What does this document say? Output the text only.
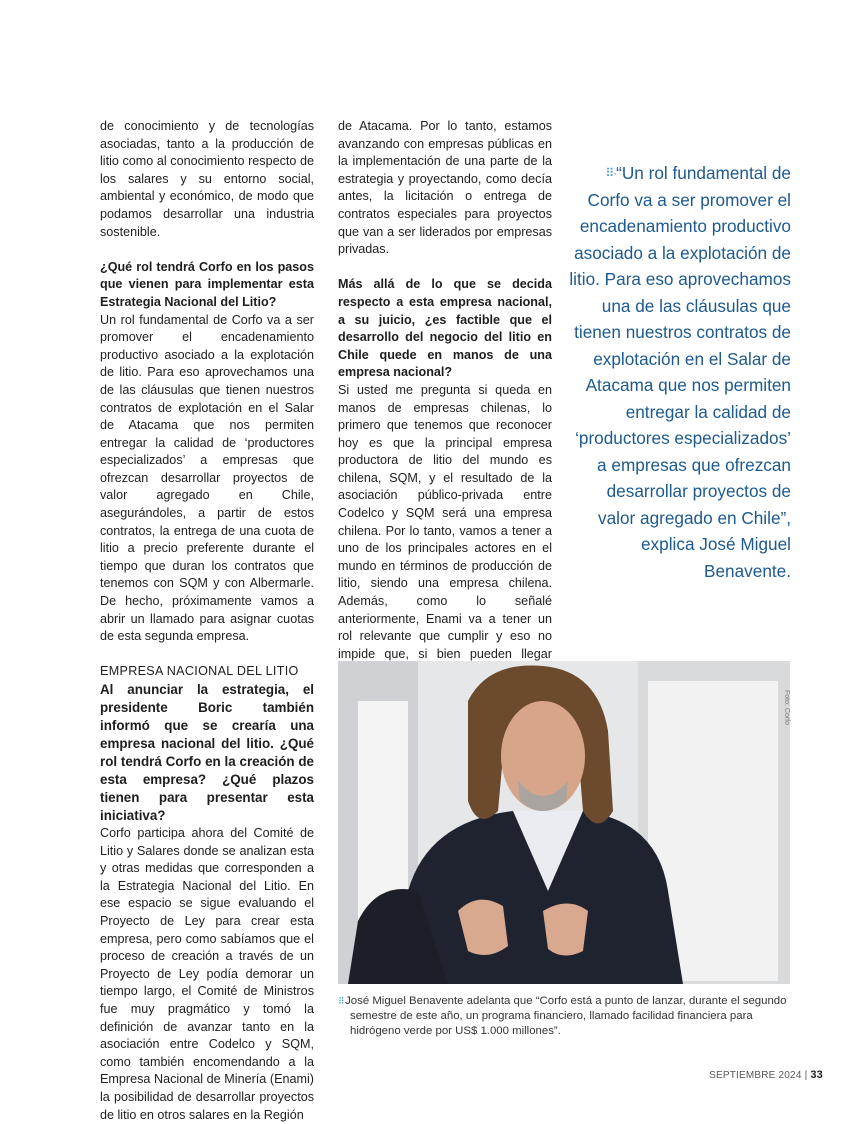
de conocimiento y de tecnologías asociadas, tanto a la producción de litio como al conocimiento respecto de los salares y su entorno social, ambiental y económico, de modo que podamos desarrollar una industria sostenible.

¿Qué rol tendrá Corfo en los pasos que vienen para implementar esta Estrategia Nacional del Litio?

Un rol fundamental de Corfo va a ser promover el encadenamiento productivo asociado a la explotación de litio. Para eso aprovechamos una de las cláusulas que tienen nuestros contratos de explotación en el Salar de Atacama que nos permiten entregar la calidad de ‘productores especializados’ a empresas que ofrezcan desarrollar proyectos de valor agregado en Chile, asegurándoles, a partir de estos contratos, la entrega de una cuota de litio a precio preferente durante el tiempo que duran los contratos que tenemos con SQM y con Albermarle. De hecho, próximamente vamos a abrir un llamado para asignar cuotas de esta segunda empresa.

EMPRESA NACIONAL DEL LITIO

Al anunciar la estrategia, el presidente Boric también informó que se crearía una empresa nacional del litio. ¿Qué rol tendrá Corfo en la creación de esta empresa? ¿Qué plazos tienen para presentar esta iniciativa?

Corfo participa ahora del Comité de Litio y Salares donde se analizan esta y otras medidas que corresponden a la Estrategia Nacional del Litio. En ese espacio se sigue evaluando el Proyecto de Ley para crear esta empresa, pero como sabíamos que el proceso de creación a través de un Proyecto de Ley podía demorar un tiempo largo, el Comité de Ministros fue muy pragmático y tomó la definición de avanzar tanto en la asociación entre Codelco y SQM, como también encomendando a la Empresa Nacional de Minería (Enami) la posibilidad de desarrollar proyectos de litio en otros salares en la Región

de Atacama. Por lo tanto, estamos avanzando con empresas públicas en la implementación de una parte de la estrategia y proyectando, como decía antes, la licitación o entrega de contratos especiales para proyectos que van a ser liderados por empresas privadas.

Más allá de lo que se decida respecto a esta empresa nacional, a su juicio, ¿es factible que el desarrollo del negocio del litio en Chile quede en manos de una empresa nacional?

Si usted me pregunta si queda en manos de empresas chilenas, lo primero que tenemos que reconocer hoy es que la principal empresa productora de litio del mundo es chilena, SQM, y el resultado de la asociación público-privada entre Codelco y SQM será una empresa chilena. Por lo tanto, vamos a tener a uno de los principales actores en el mundo en términos de producción de litio, siendo una empresa chilena. Además, como lo señalé anteriormente, Enami va a tener un rol relevante que cumplir y eso no impide que, si bien pueden llegar

⠿·“Un rol fundamental de Corfo va a ser promover el encadenamiento productivo asociado a la explotación de litio. Para eso aprovechamos una de las cláusulas que tienen nuestros contratos de explotación en el Salar de Atacama que nos permiten entregar la calidad de ‘productores especializados’ a empresas que ofrezcan desarrollar proyectos de valor agregado en Chile”, explica José Miguel Benavente.
Foto: Corfo
⠿ José Miguel Benavente adelanta que “Corfo está a punto de lanzar, durante el segundo semestre de este año, un programa financiero, llamado facilidad financiera para hidrógeno verde por US$ 1.000 millones”.
SEPTIEMBRE 2024 | 33
